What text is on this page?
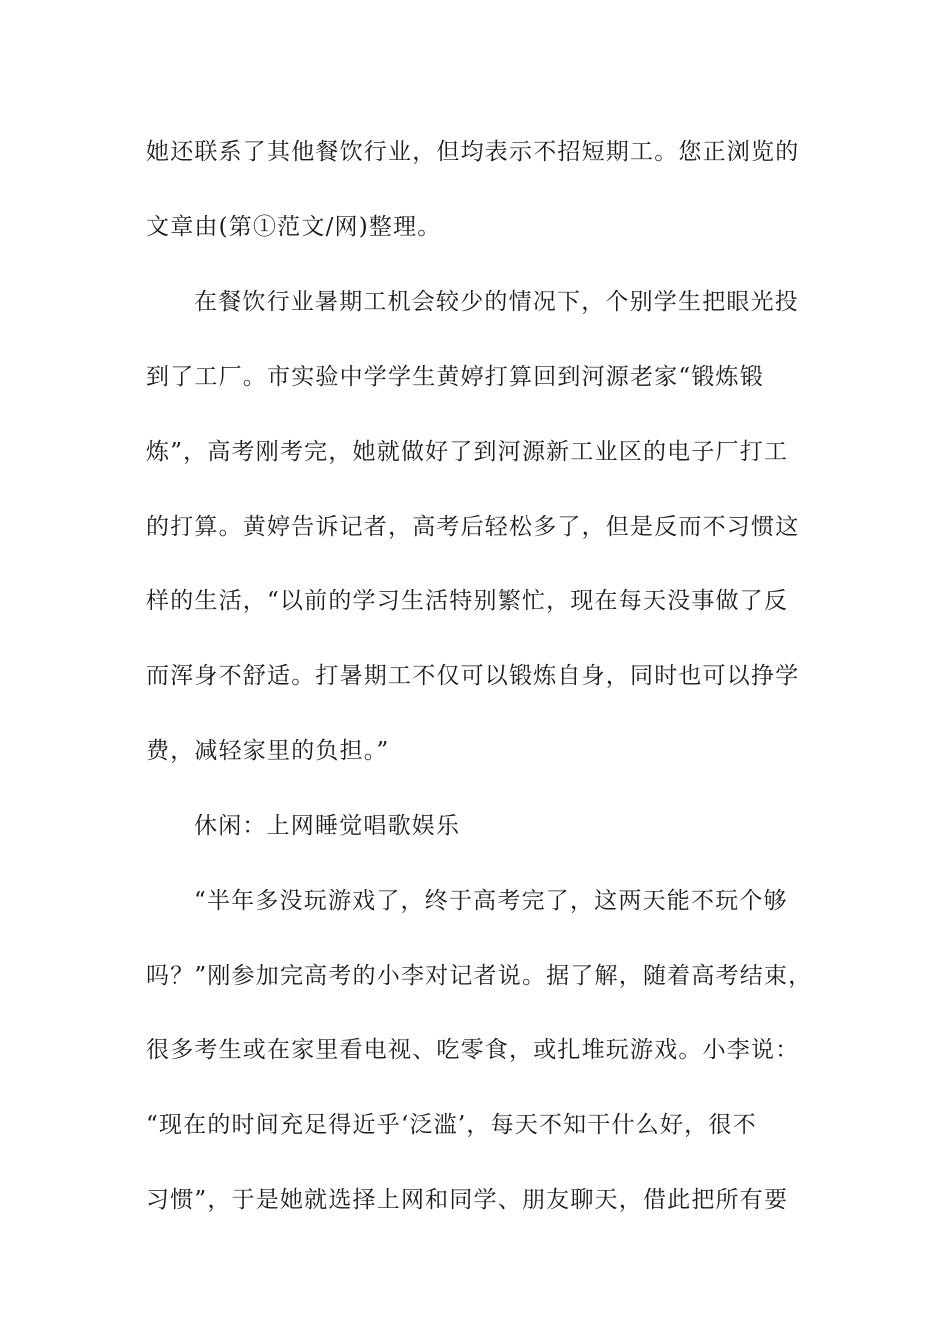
她还联系了其他餐饮行业，但均表示不招短期工。您正浏览的
文章由(第①范文/网)整理。
在餐饮行业暑期工机会较少的情况下，个别学生把眼光投
到了工厂。市实验中学学生黄婷打算回到河源老家“锻炼锻
炼”，高考刚考完，她就做好了到河源新工业区的电子厂打工
的打算。黄婷告诉记者，高考后轻松多了，但是反而不习惯这
样的生活，“以前的学习生活特别繁忙，现在每天没事做了反
而浑身不舒适。打暑期工不仅可以锻炼自身，同时也可以挣学
费，减轻家里的负担。”
休闲：上网睡觉唱歌娱乐
“半年多没玩游戏了，终于高考完了，这两天能不玩个够
吗？”刚参加完高考的小李对记者说。据了解，随着高考结束，
很多考生或在家里看电视、吃零食，或扎堆玩游戏。小李说：
“现在的时间充足得近乎‘泛滥’，每天不知干什么好，很不
习惯”，于是她就选择上网和同学、朋友聊天，借此把所有要
